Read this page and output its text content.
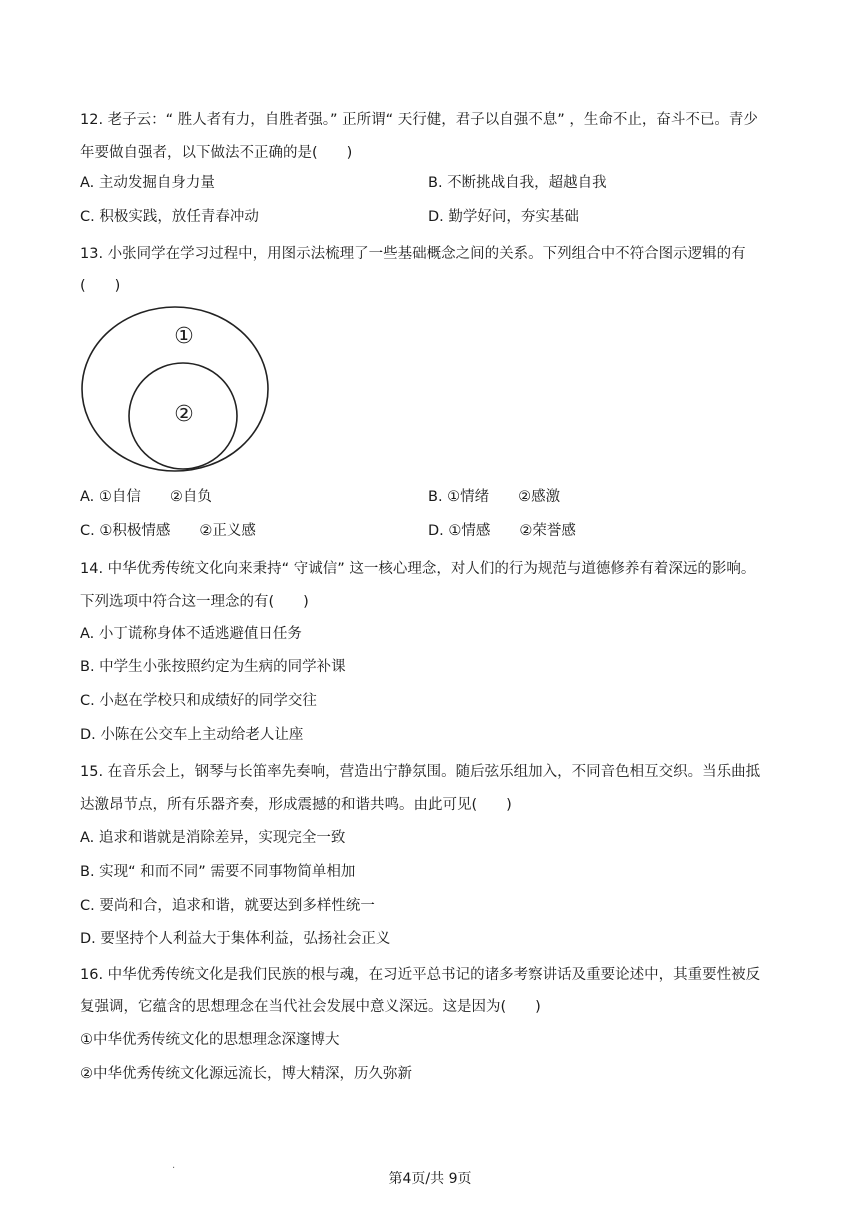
12. 老子云：“ 胜人者有力，自胜者强。” 正所谓“ 天行健，君子以自强不息” ，生命不止，奋斗不已。青少
年要做自强者，以下做法不正确的是(　　)
A. 主动发掘自身力量	B. 不断挑战自我，超越自我
C. 积极实践，放任青春冲动	D. 勤学好问，夯实基础
13. 小张同学在学习过程中，用图示法梳理了一些基础概念之间的关系。下列组合中不符合图示逻辑的有
(　　)
①
②
A. ①自信　　②自负	B. ①情绪　　②感激
C. ①积极情感　　②正义感	D. ①情感　　②荣誉感
14. 中华优秀传统文化向来秉持“ 守诚信” 这一核心理念，对人们的行为规范与道德修养有着深远的影响。
下列选项中符合这一理念的有(　　)
A. 小丁谎称身体不适逃避值日任务
B. 中学生小张按照约定为生病的同学补课
C. 小赵在学校只和成绩好的同学交往
D. 小陈在公交车上主动给老人让座
15. 在音乐会上，钢琴与长笛率先奏响，营造出宁静氛围。随后弦乐组加入，不同音色相互交织。当乐曲抵
达激昂节点，所有乐器齐奏，形成震撼的和谐共鸣。由此可见(　　)
A. 追求和谐就是消除差异，实现完全一致
B. 实现“ 和而不同” 需要不同事物简单相加
C. 要尚和合，追求和谐，就要达到多样性统一
D. 要坚持个人利益大于集体利益，弘扬社会正义
16. 中华优秀传统文化是我们民族的根与魂，在习近平总书记的诸多考察讲话及重要论述中，其重要性被反
复强调，它蕴含的思想理念在当代社会发展中意义深远。这是因为(　　)
①中华优秀传统文化的思想理念深邃博大
②中华优秀传统文化源远流长，博大精深，历久弥新
·
第4页/共 9页
